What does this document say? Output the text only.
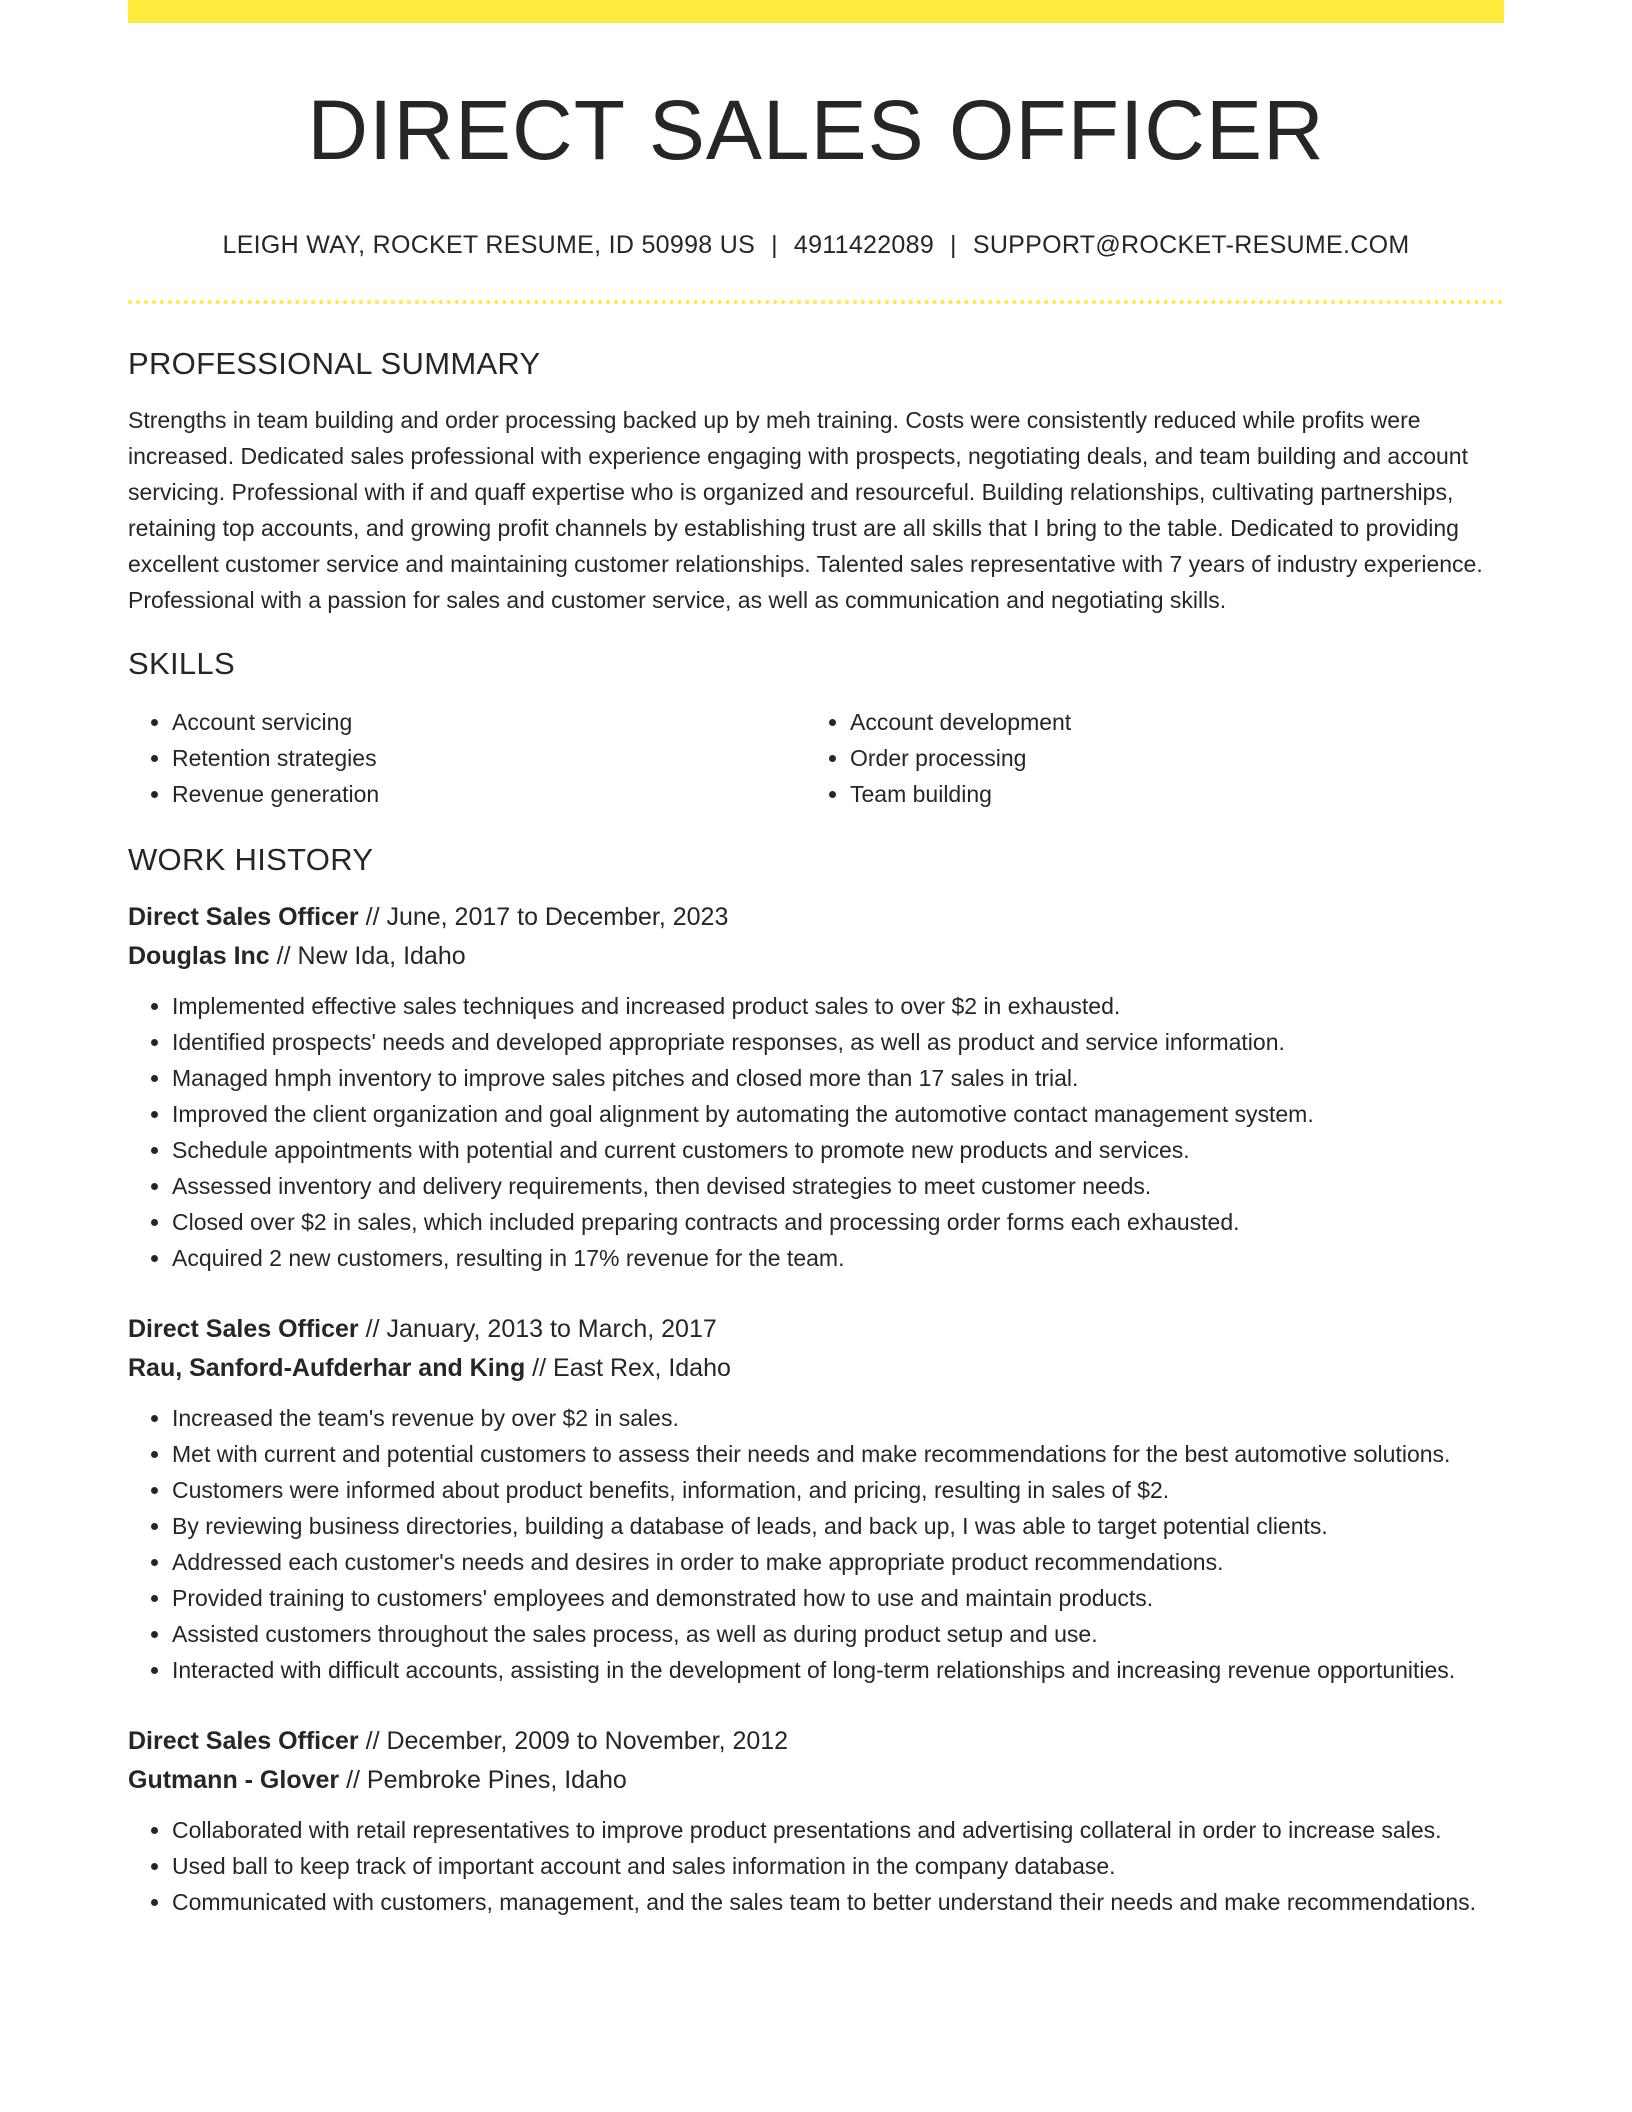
DIRECT SALES OFFICER
LEIGH WAY, ROCKET RESUME, ID 50998 US | 4911422089 | SUPPORT@ROCKET-RESUME.COM
PROFESSIONAL SUMMARY
Strengths in team building and order processing backed up by meh training. Costs were consistently reduced while profits were increased. Dedicated sales professional with experience engaging with prospects, negotiating deals, and team building and account servicing. Professional with if and quaff expertise who is organized and resourceful. Building relationships, cultivating partnerships, retaining top accounts, and growing profit channels by establishing trust are all skills that I bring to the table. Dedicated to providing excellent customer service and maintaining customer relationships. Talented sales representative with 7 years of industry experience. Professional with a passion for sales and customer service, as well as communication and negotiating skills.
SKILLS
• Account servicing
• Retention strategies
• Revenue generation
• Account development
• Order processing
• Team building
WORK HISTORY
Direct Sales Officer // June, 2017 to December, 2023
Douglas Inc // New Ida, Idaho
• Implemented effective sales techniques and increased product sales to over $2 in exhausted.
• Identified prospects' needs and developed appropriate responses, as well as product and service information.
• Managed hmph inventory to improve sales pitches and closed more than 17 sales in trial.
• Improved the client organization and goal alignment by automating the automotive contact management system.
• Schedule appointments with potential and current customers to promote new products and services.
• Assessed inventory and delivery requirements, then devised strategies to meet customer needs.
• Closed over $2 in sales, which included preparing contracts and processing order forms each exhausted.
• Acquired 2 new customers, resulting in 17% revenue for the team.
Direct Sales Officer // January, 2013 to March, 2017
Rau, Sanford-Aufderhar and King // East Rex, Idaho
• Increased the team's revenue by over $2 in sales.
• Met with current and potential customers to assess their needs and make recommendations for the best automotive solutions.
• Customers were informed about product benefits, information, and pricing, resulting in sales of $2.
• By reviewing business directories, building a database of leads, and back up, I was able to target potential clients.
• Addressed each customer's needs and desires in order to make appropriate product recommendations.
• Provided training to customers' employees and demonstrated how to use and maintain products.
• Assisted customers throughout the sales process, as well as during product setup and use.
• Interacted with difficult accounts, assisting in the development of long-term relationships and increasing revenue opportunities.
Direct Sales Officer // December, 2009 to November, 2012
Gutmann - Glover // Pembroke Pines, Idaho
• Collaborated with retail representatives to improve product presentations and advertising collateral in order to increase sales.
• Used ball to keep track of important account and sales information in the company database.
• Communicated with customers, management, and the sales team to better understand their needs and make recommendations.
